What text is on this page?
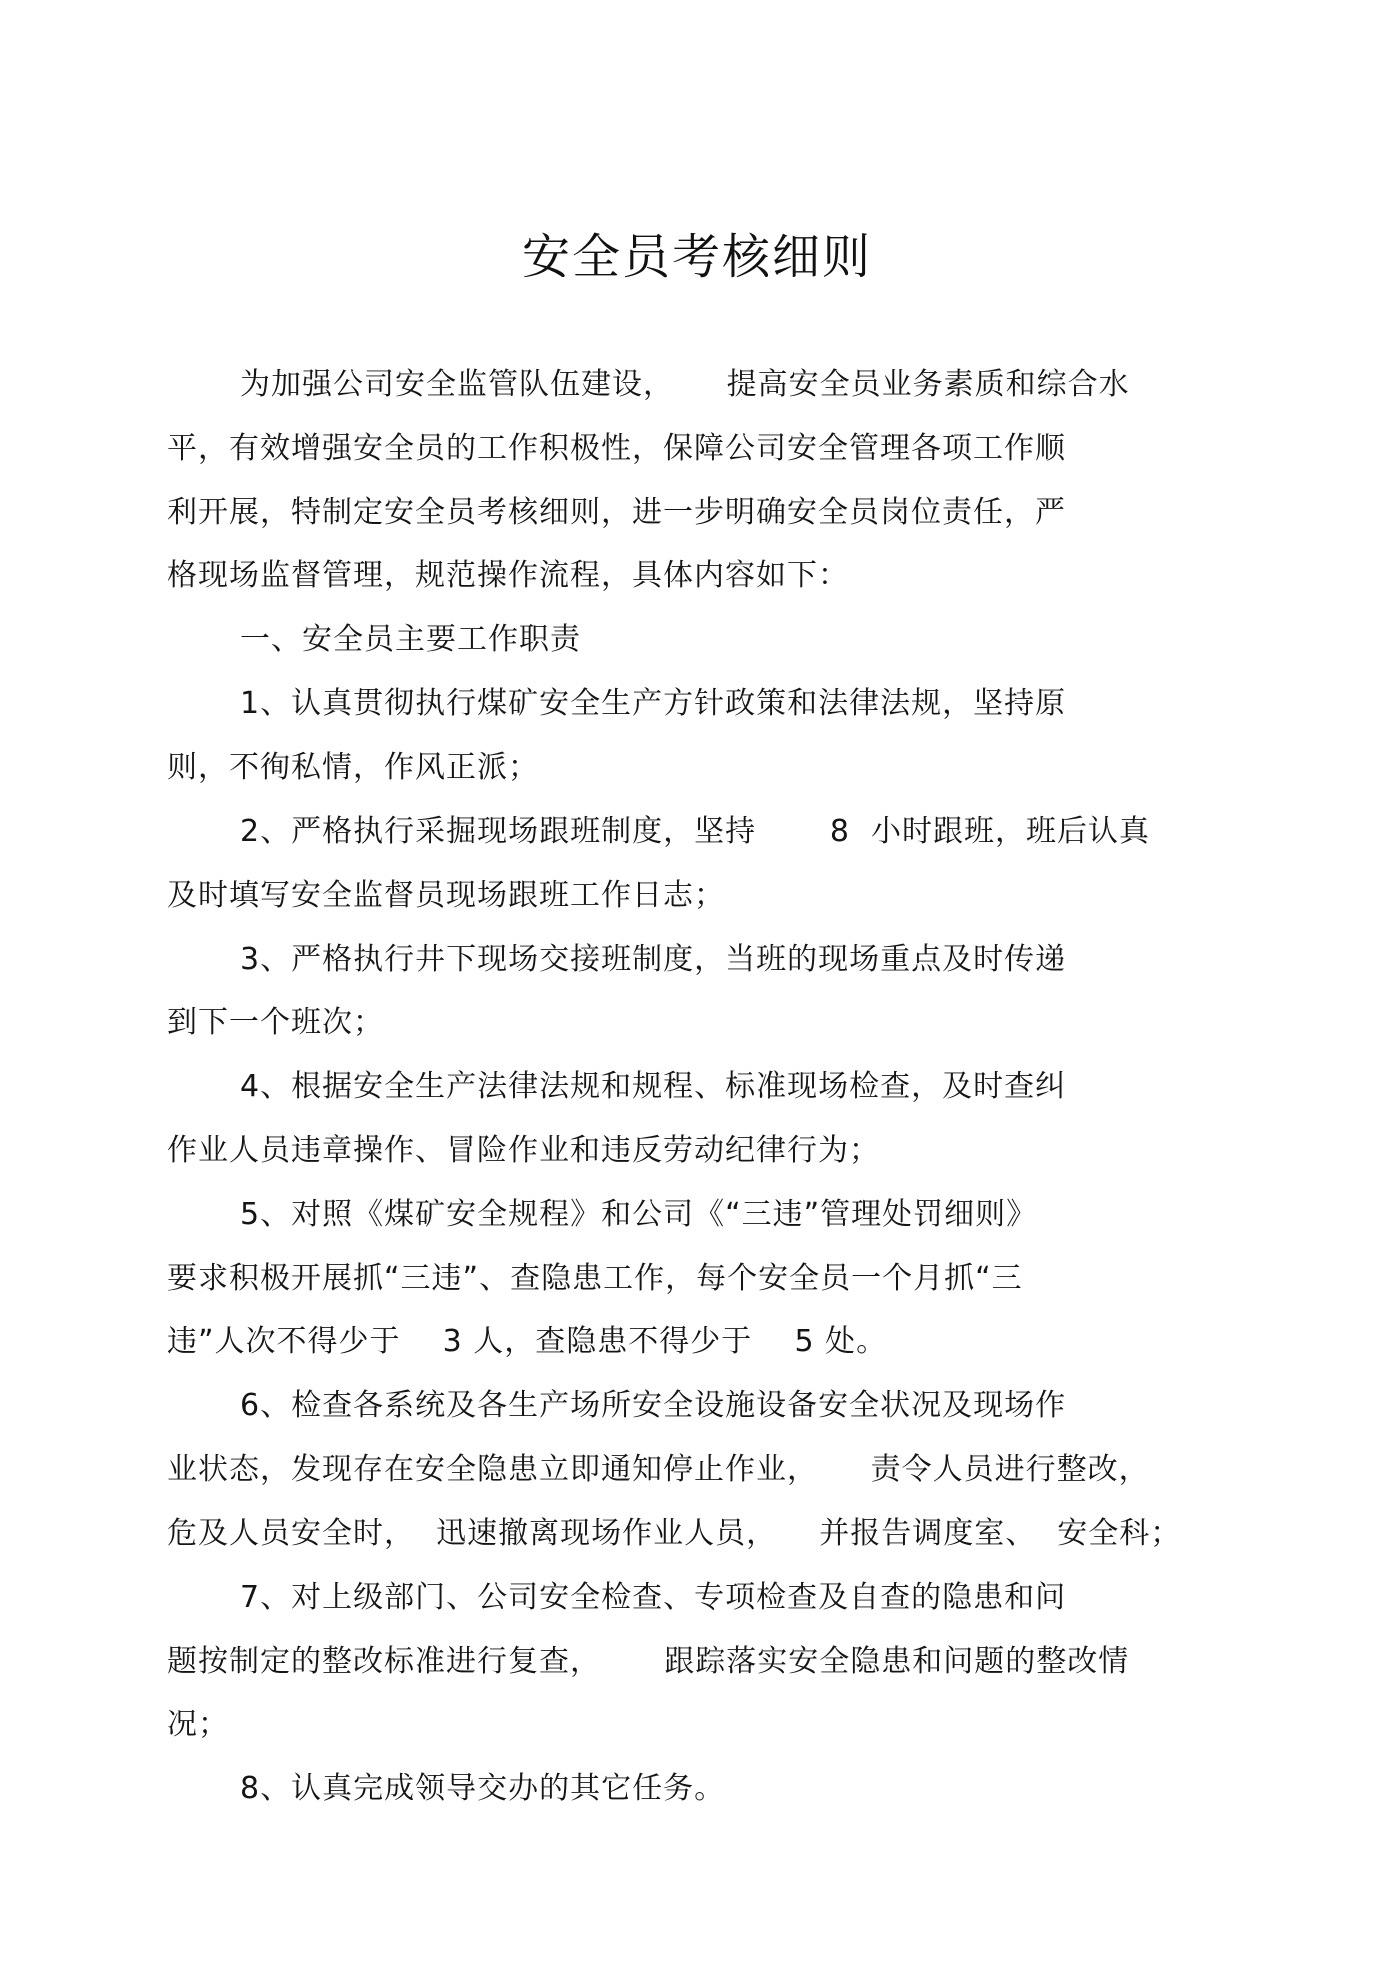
安全员考核细则
为加强公司安全监管队伍建设，     提高安全员业务素质和综合水
平，有效增强安全员的工作积极性，保障公司安全管理各项工作顺
利开展，特制定安全员考核细则，进一步明确安全员岗位责任，严
格现场监督管理，规范操作流程，具体内容如下：
一、安全员主要工作职责
1、认真贯彻执行煤矿安全生产方针政策和法律法规，坚持原
则，不徇私情，作风正派；
2、严格执行采掘现场跟班制度，坚持       8  小时跟班，班后认真
及时填写安全监督员现场跟班工作日志；
3、严格执行井下现场交接班制度，当班的现场重点及时传递
到下一个班次；
4、根据安全生产法律法规和规程、标准现场检查，及时查纠
作业人员违章操作、冒险作业和违反劳动纪律行为；
5、对照《煤矿安全规程》和公司《“三违”管理处罚细则》
要求积极开展抓“三违”、查隐患工作，每个安全员一个月抓“三
违”人次不得少于    3 人，查隐患不得少于    5 处。
6、检查各系统及各生产场所安全设施设备安全状况及现场作
业状态，发现存在安全隐患立即通知停止作业，     责令人员进行整改，
危及人员安全时，  迅速撤离现场作业人员，    并报告调度室、  安全科；
7、对上级部门、公司安全检查、专项检查及自查的隐患和问
题按制定的整改标准进行复查，      跟踪落实安全隐患和问题的整改情
况；
8、认真完成领导交办的其它任务。
